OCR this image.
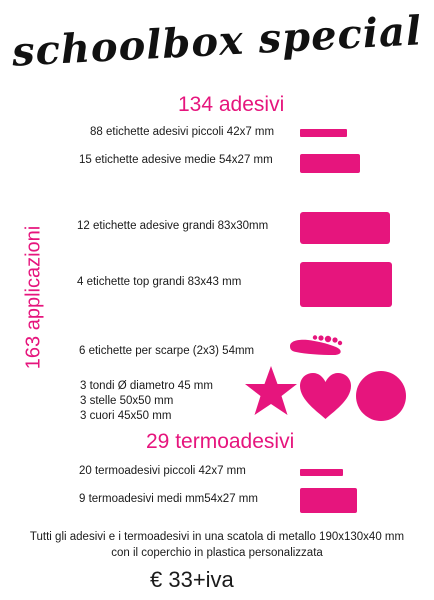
schoolbox special
134 adesivi
163 applicazioni
88 etichette adesivi piccoli 42x7 mm
15 etichette adesive medie 54x27 mm
12 etichette adesive grandi 83x30mm
4 etichette top grandi 83x43 mm
6 etichette per scarpe (2x3) 54mm
3 tondi Ø diametro 45 mm
3 stelle 50x50 mm
3 cuori 45x50 mm
29 termoadesivi
20 termoadesivi piccoli 42x7 mm
9 termoadesivi medi mm54x27 mm
Tutti gli adesivi e i termoadesivi in una scatola di metallo 190x130x40 mm
con il coperchio in plastica personalizzata
€ 33+iva
